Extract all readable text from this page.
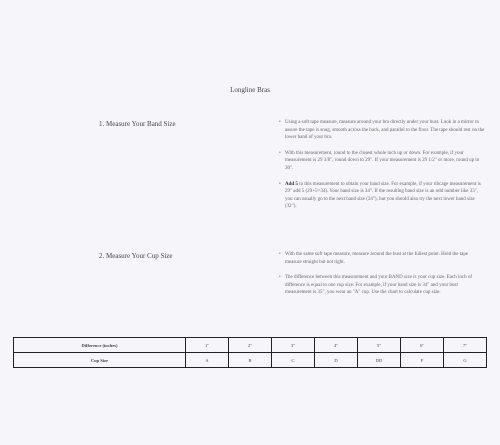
Longline Bras
1. Measure Your Band Size	• Using a soft tape measure, measure around your bra directly under your bust. Look in a mirror to assure the tape is snug, smooth across the back, and parallel to the floor. The tape should rest on the lower band of your bra.
• With this measurement, round to the closest whole inch up or down. For example, if your measurement is 29 3/8", round down to 29". If your measurement is 29 1/2" or more, round up to 30".
• Add 5 to this measurement to obtain your band size. For example, if your ribcage measurement is 29" add 5 (29+5=34). Your band size is 34". If the resulting band size is an odd number like 33", you can usually go to the next band size (34"), but you should also try the next lower band size (32").
2. Measure Your Cup Size	• With the same soft tape measure, measure around the bust at the fullest point. Hold the tape measure straight but not tight.
• The difference between this measurement and your BAND size is your cup size. Each inch of difference is equal to one cup size. For example, if your band size is 34" and your bust measurement is 35", you wear an "A" cup. Use the chart to calculate cup size.
Difference (inches)	1"	2"	3"	4"	5"	6"	7"
Cup Size	A	B	C	D	DD	F	G
